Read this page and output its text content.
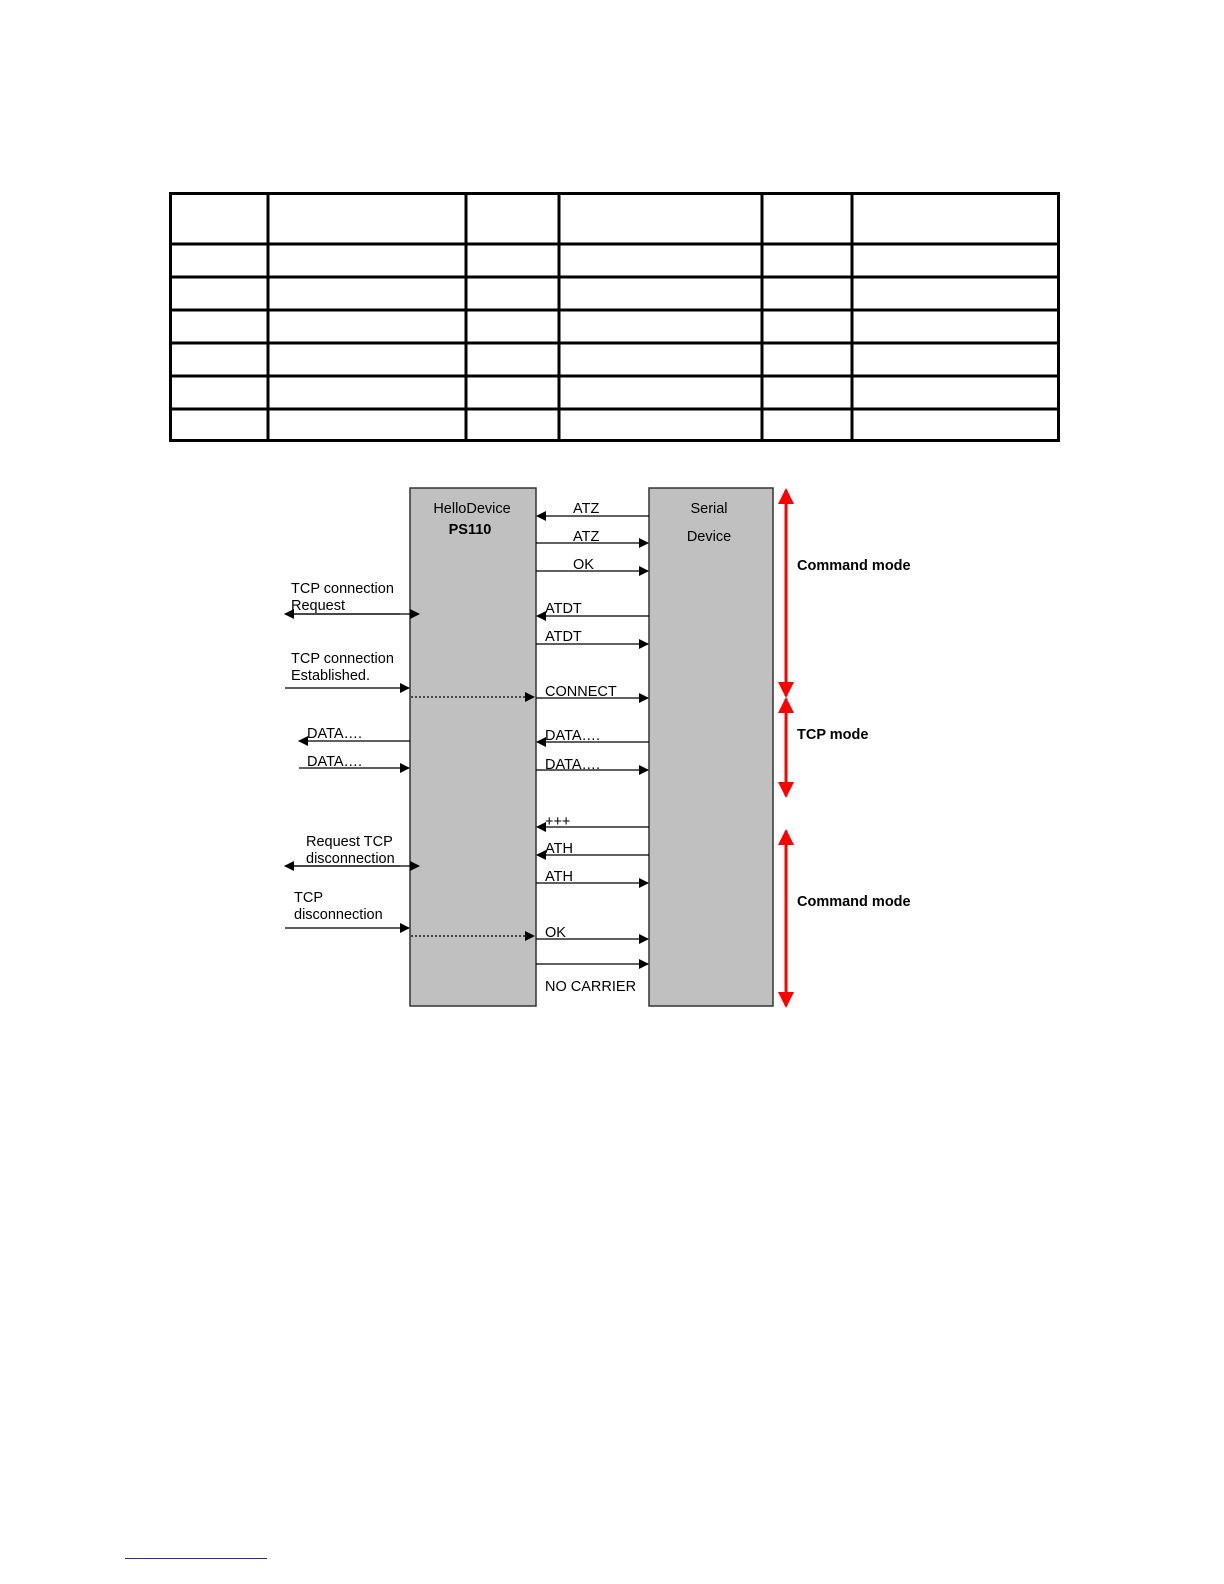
HelloDevice
PS110
Serial
Device
ATZ
ATZ
OK
ATDT
ATDT
CONNECT
DATA….
DATA….
+++
ATH
ATH
OK
NO CARRIER
TCP connection
Request
TCP connection
Established.
DATA….
DATA….
Request TCP
disconnection
TCP
disconnection
Command mode
TCP mode
Command mode
